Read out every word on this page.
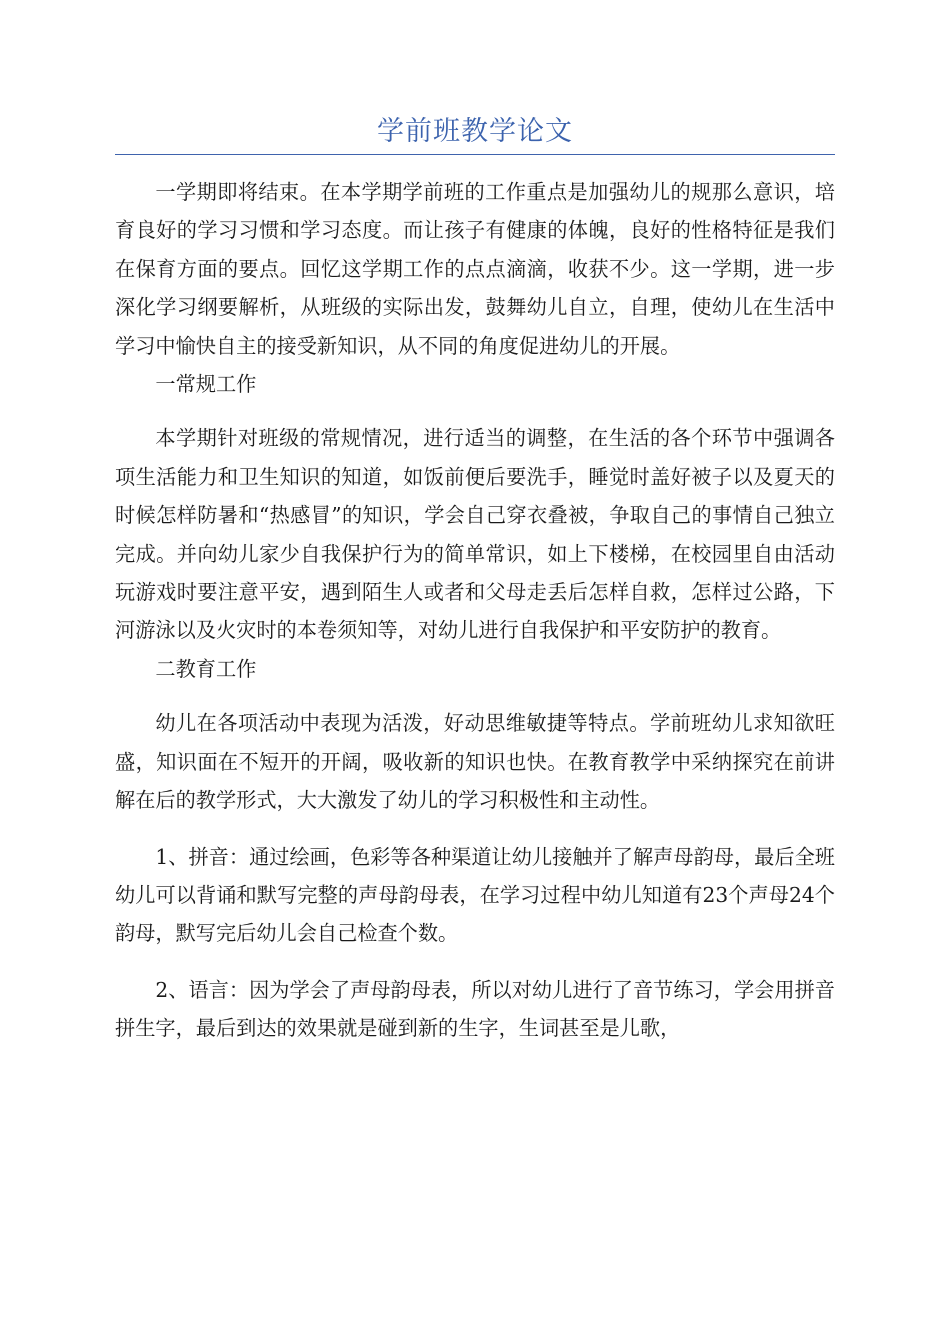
学前班教学论文

一学期即将结束。在本学期学前班的工作重点是加强幼儿的规那么意识，培育良好的学习习惯和学习态度。而让孩子有健康的体魄，良好的性格特征是我们在保育方面的要点。回忆这学期工作的点点滴滴，收获不少。这一学期，进一步深化学习纲要解析，从班级的实际出发，鼓舞幼儿自立，自理，使幼儿在生活中学习中愉快自主的接受新知识，从不同的角度促进幼儿的开展。

一常规工作

本学期针对班级的常规情况，进行适当的调整，在生活的各个环节中强调各项生活能力和卫生知识的知道，如饭前便后要洗手，睡觉时盖好被子以及夏天的时候怎样防暑和“热感冒”的知识，学会自己穿衣叠被，争取自己的事情自己独立完成。并向幼儿家少自我保护行为的简单常识，如上下楼梯，在校园里自由活动玩游戏时要注意平安，遇到陌生人或者和父母走丢后怎样自救，怎样过公路，下河游泳以及火灾时的本卷须知等，对幼儿进行自我保护和平安防护的教育。

二教育工作

幼儿在各项活动中表现为活泼，好动思维敏捷等特点。学前班幼儿求知欲旺盛，知识面在不短开的开阔，吸收新的知识也快。在教育教学中采纳探究在前讲解在后的教学形式，大大激发了幼儿的学习积极性和主动性。

1、拼音：通过绘画，色彩等各种渠道让幼儿接触并了解声母韵母，最后全班幼儿可以背诵和默写完整的声母韵母表，在学习过程中幼儿知道有23个声母24个韵母，默写完后幼儿会自己检查个数。

2、语言：因为学会了声母韵母表，所以对幼儿进行了音节练习，学会用拼音拼生字，最后到达的效果就是碰到新的生字，生词甚至是儿歌，
